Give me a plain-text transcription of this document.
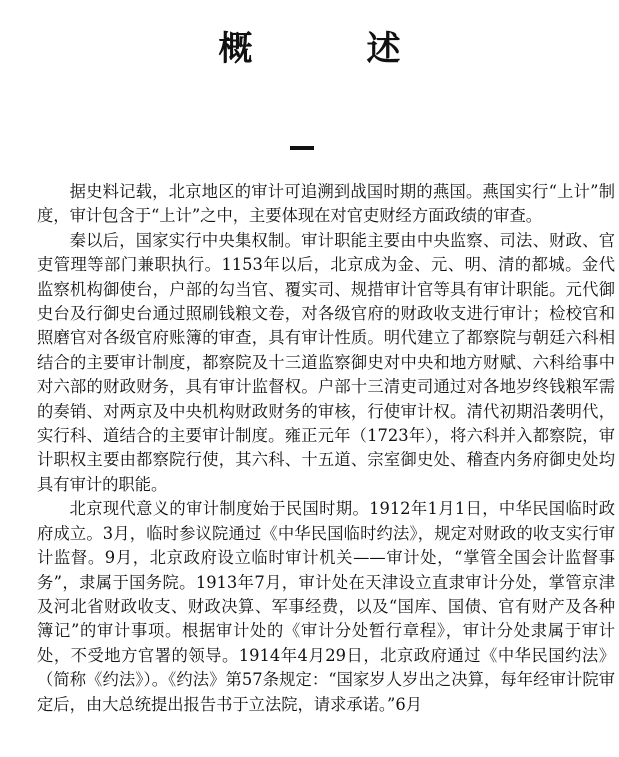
概　述

据史料记载，北京地区的审计可追溯到战国时期的燕国。燕国实行“上计”制度，审计包含于“上计”之中，主要体现在对官吏财经方面政绩的审查。

秦以后，国家实行中央集权制。审计职能主要由中央监察、司法、财政、官吏管理等部门兼职执行。1153年以后，北京成为金、元、明、清的都城。金代监察机构御使台，户部的勾当官、覆实司、规措审计官等具有审计职能。元代御史台及行御史台通过照刷钱粮文卷，对各级官府的财政收支进行审计；检校官和照磨官对各级官府账簿的审查，具有审计性质。明代建立了都察院与朝廷六科相结合的主要审计制度，都察院及十三道监察御史对中央和地方财赋、六科给事中对六部的财政财务，具有审计监督权。户部十三清吏司通过对各地岁终钱粮军需的奏销、对两京及中央机构财政财务的审核，行使审计权。清代初期沿袭明代，实行科、道结合的主要审计制度。雍正元年（1723年），将六科并入都察院，审计职权主要由都察院行使，其六科、十五道、宗室御史处、稽查内务府御史处均具有审计的职能。

北京现代意义的审计制度始于民国时期。1912年1月1日，中华民国临时政府成立。3月，临时参议院通过《中华民国临时约法》，规定对财政的收支实行审计监督。9月，北京政府设立临时审计机关——审计处，“掌管全国会计监督事务”，隶属于国务院。1913年7月，审计处在天津设立直隶审计分处，掌管京津及河北省财政收支、财政决算、军事经费，以及“国库、国债、官有财产及各种簿记”的审计事项。根据审计处的《审计分处暂行章程》，审计分处隶属于审计处，不受地方官署的领导。1914年4月29日，北京政府通过《中华民国约法》（简称《约法》）。《约法》第57条规定：“国家岁人岁出之决算，每年经审计院审定后，由大总统提出报告书于立法院，请求承诺。”6月
